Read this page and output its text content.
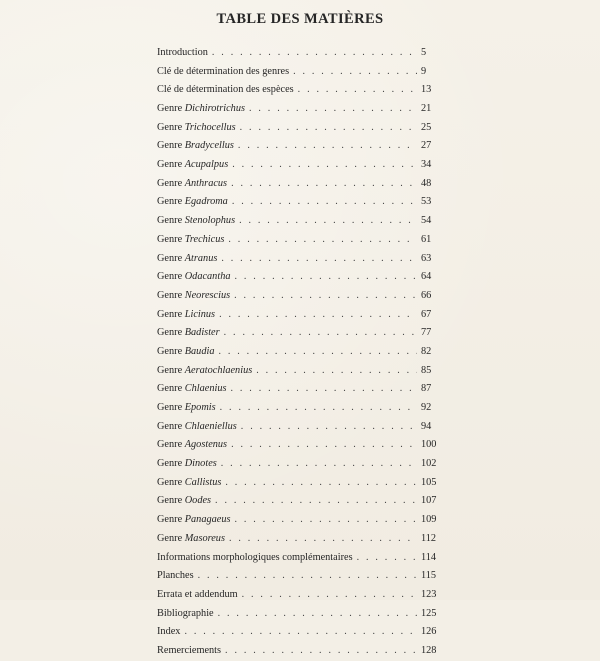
TABLE DES MATIÈRES
Introduction . . .	5
Clé de détermination des genres . . .	9
Clé de détermination des espèces . . .	13
Genre Dichirotrichus . . .	21
Genre Trichocellus . . .	25
Genre Bradycellus . . .	27
Genre Acupalpus . . .	34
Genre Anthracus . . .	48
Genre Egadroma . . .	53
Genre Stenolophus . . .	54
Genre Trechicus . . .	61
Genre Atranus . . .	63
Genre Odacantha . . .	64
Genre Neorescius . . .	66
Genre Licinus . . .	67
Genre Badister . . .	77
Genre Baudia . . .	82
Genre Aeratochlaenius . . .	85
Genre Chlaenius . . .	87
Genre Epomis . . .	92
Genre Chlaeniellus . . .	94
Genre Agostenus . . .	100
Genre Dinotes . . .	102
Genre Callistus . . .	105
Genre Oodes . . .	107
Genre Panagaeus . . .	109
Genre Masoreus . . .	112
Informations morphologiques complémentaires . . .	114
Planches . . .	115
Errata et addendum . . .	123
Bibliographie . . .	125
Index . . .	126
Remerciements . . .	128
